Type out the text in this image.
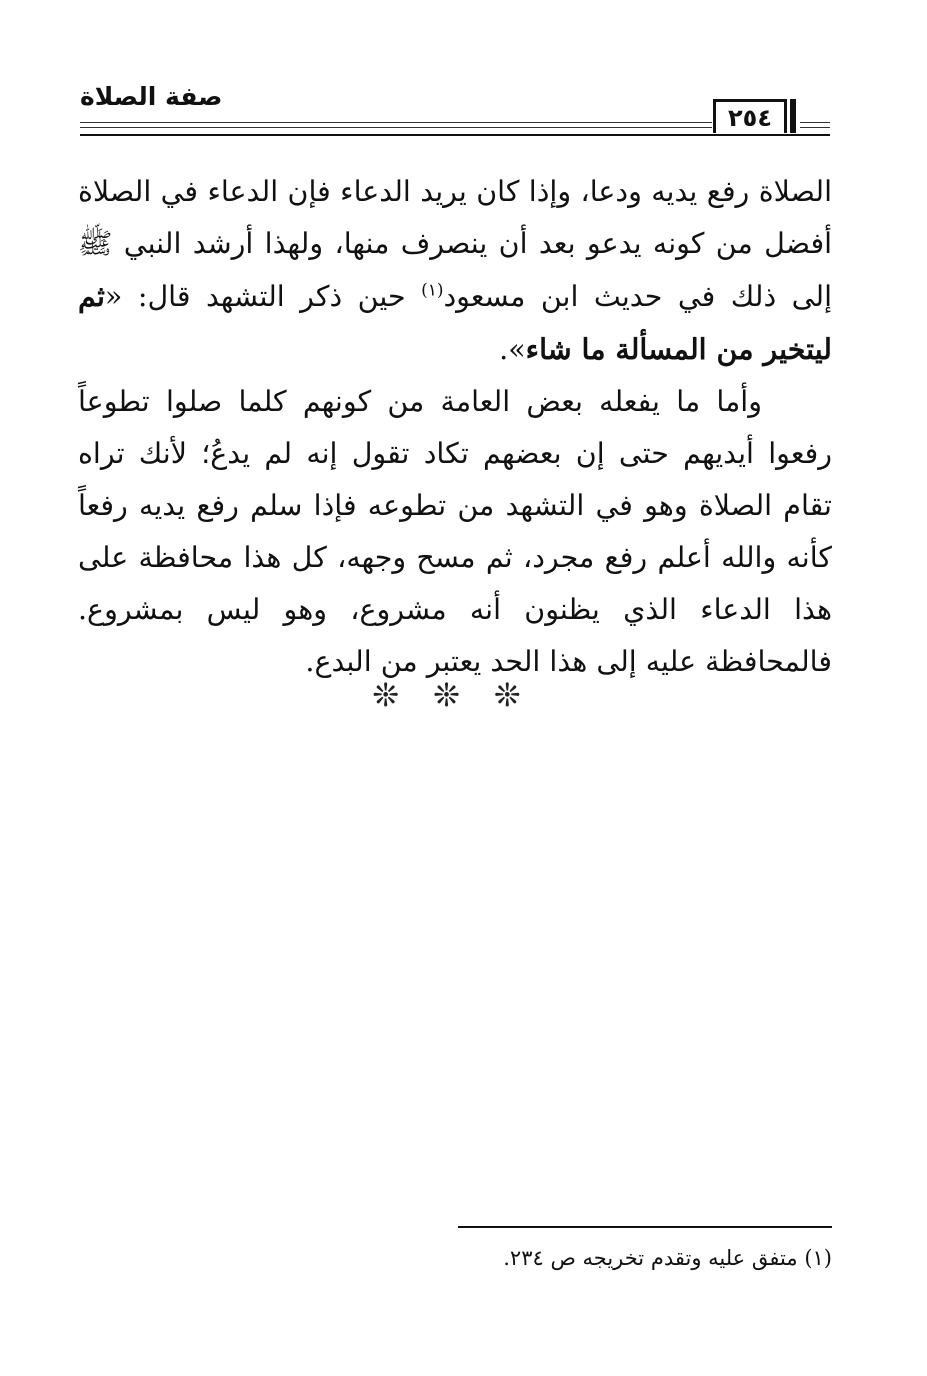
صفة الصلاة
٢٥٤

الصلاة رفع يديه ودعا، وإذا كان يريد الدعاء فإن الدعاء في الصلاة أفضل من كونه يدعو بعد أن ينصرف منها، ولهذا أرشد النبي ﷺ إلى ذلك في حديث ابن مسعود$^{(١)}$ حين ذكر التشهد قال: «ثم ليتخير من المسألة ما شاء».

وأما ما يفعله بعض العامة من كونهم كلما صلوا تطوعاً رفعوا أيديهم حتى إن بعضهم تكاد تقول إنه لم يدعُ؛ لأنك تراه تقام الصلاة وهو في التشهد من تطوعه فإذا سلم رفع يديه رفعاً كأنه والله أعلم رفع مجرد، ثم مسح وجهه، كل هذا محافظة على هذا الدعاء الذي يظنون أنه مشروع، وهو ليس بمشروع. فالمحافظة عليه إلى هذا الحد يعتبر من البدع.

❊❊❊
(١) متفق عليه وتقدم تخريجه ص ٢٣٤.
